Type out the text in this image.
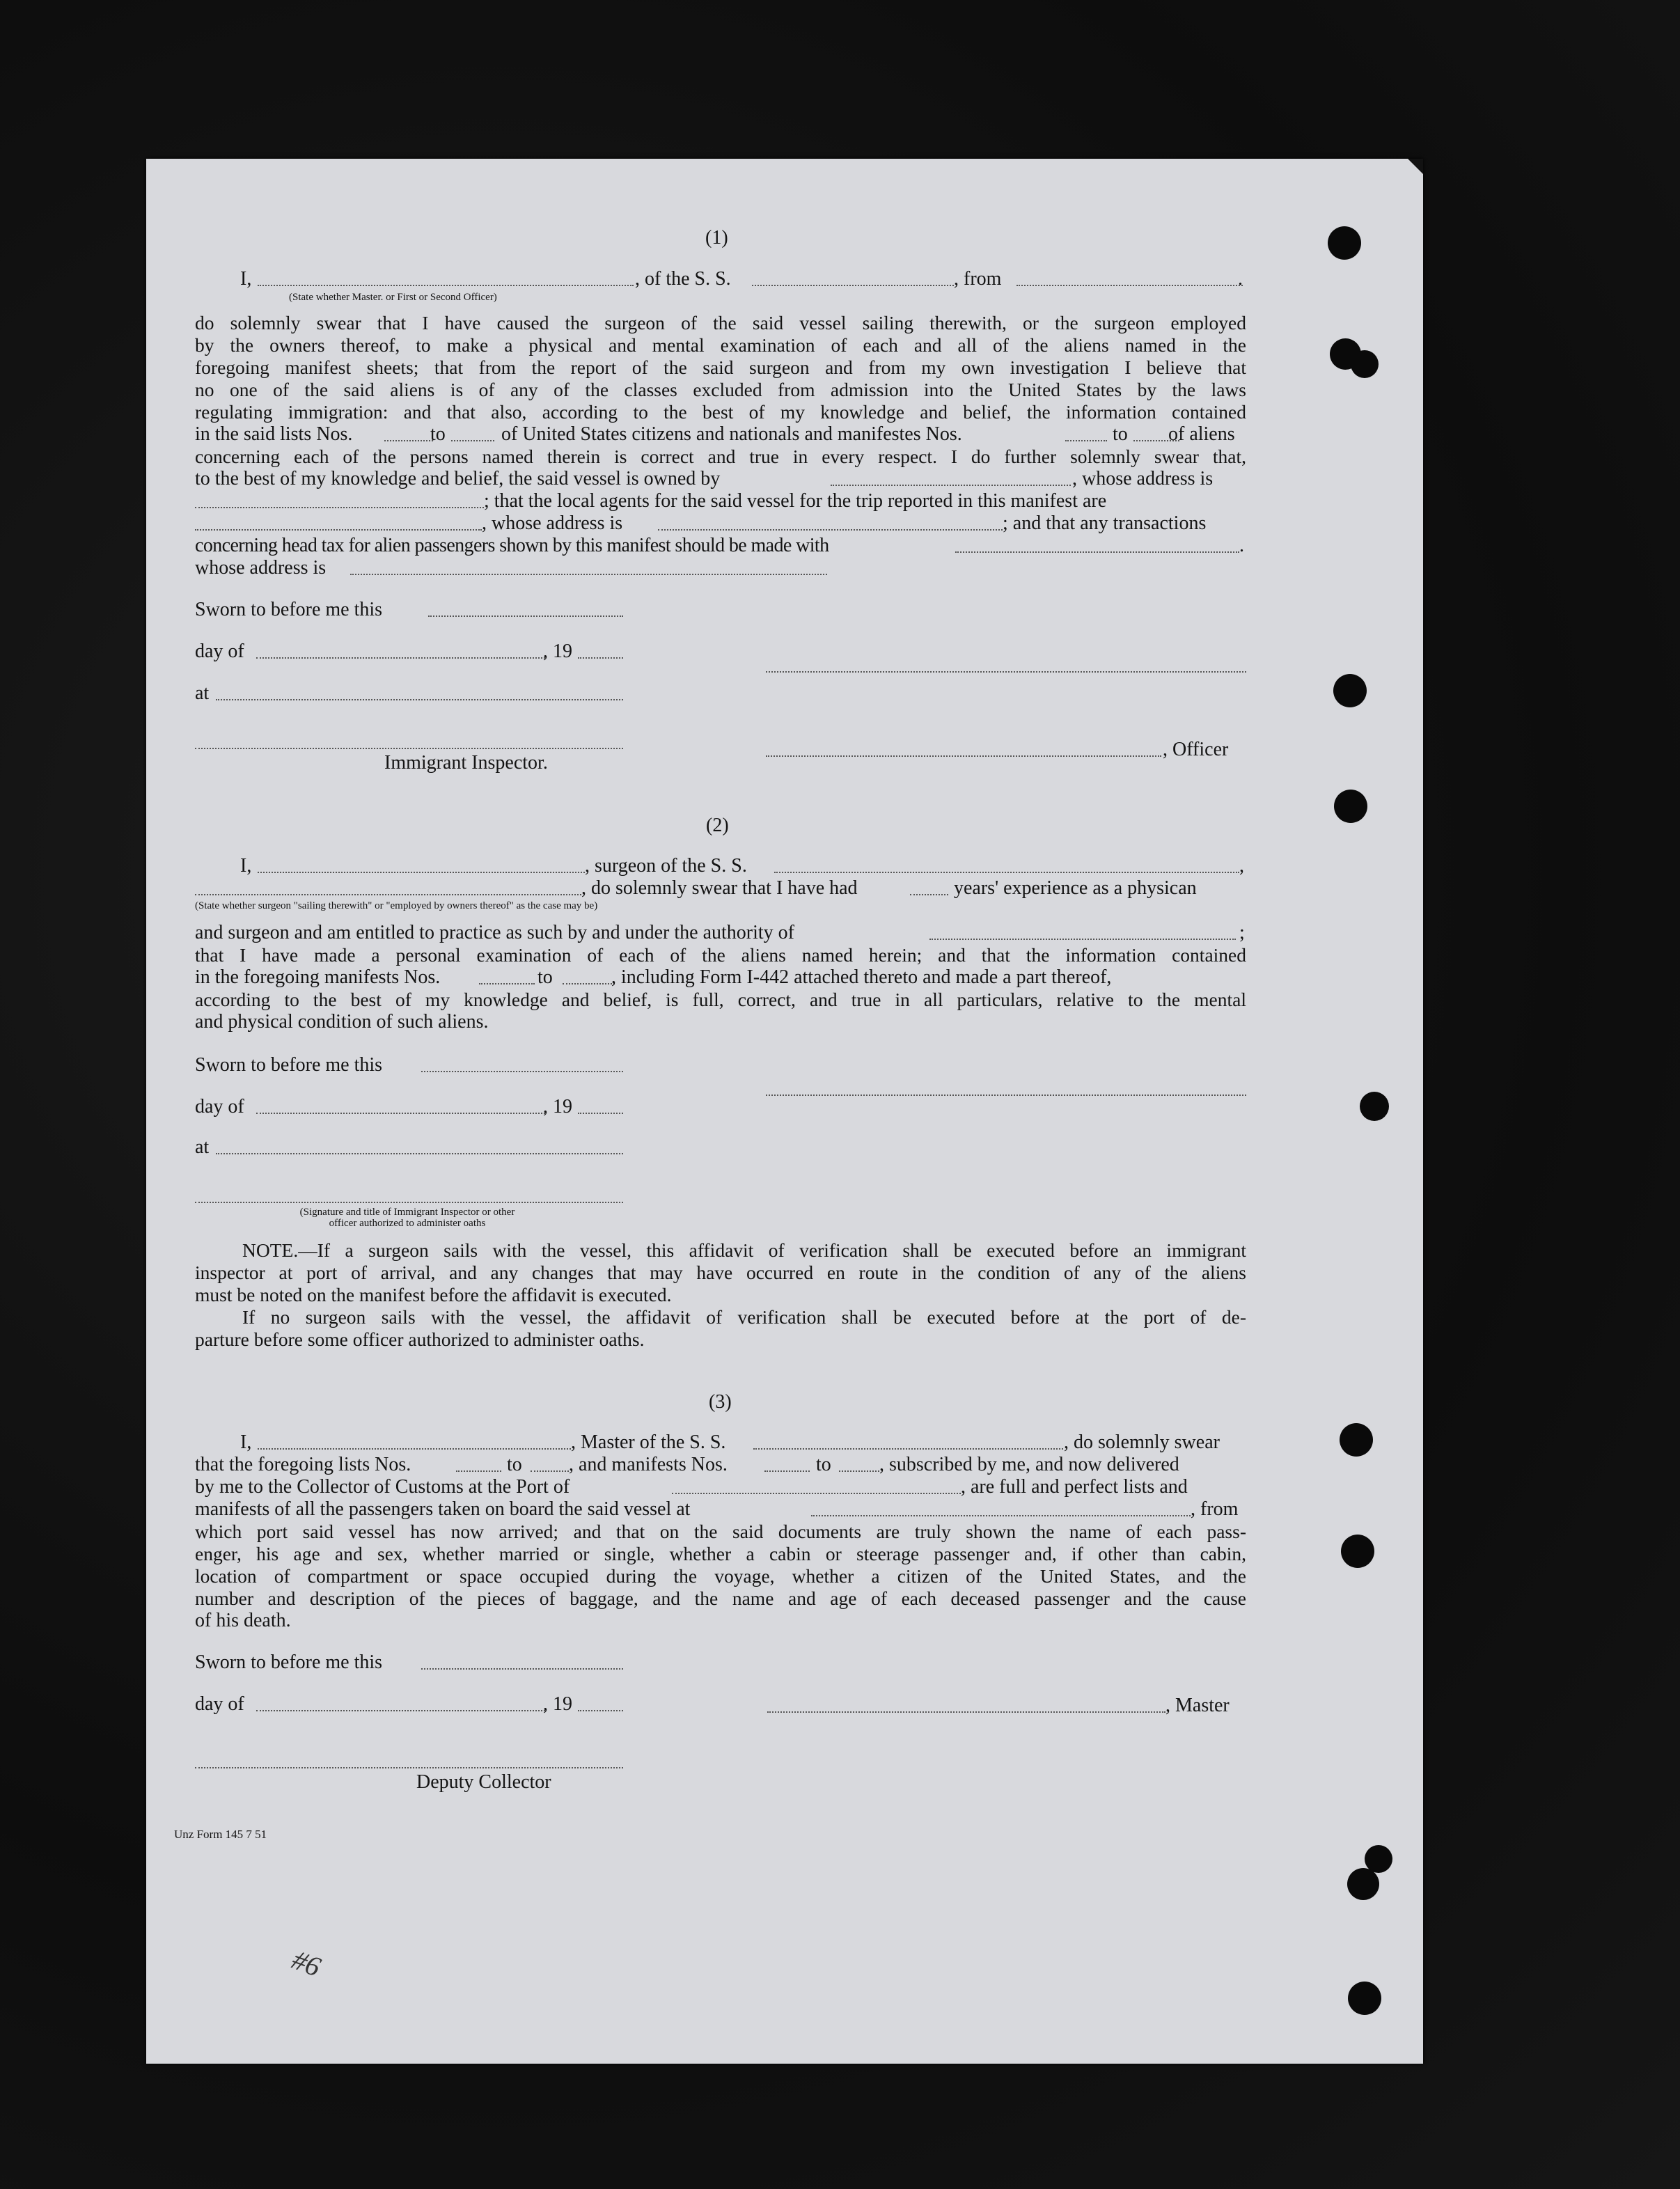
(1)
I,	, of the S. S.	, from	.
(State whether Master. or First or Second Officer)
do solemnly swear that I have caused the surgeon of the said vessel sailing therewith, or the surgeon employed
by the owners thereof, to make a physical and mental examination of each and all of the aliens named in the
foregoing manifest sheets; that from the report of the said surgeon and from my own investigation I believe that
no one of the said aliens is of any of the classes excluded from admission into the United States by the laws
regulating immigration: and that also, according to the best of my knowledge and belief, the information contained
in the said lists Nos.	to	of United States citizens and nationals and manifestes Nos.	to of aliens
concerning each of the persons named therein is correct and true in every respect. I do further solemnly swear that,
to the best of my knowledge and belief, the said vessel is owned by	, whose address is
; that the local agents for the said vessel for the trip reported in this manifest are
, whose address is	; and that any transactions
concerning head tax for alien passengers shown by this manifest should be made with	.
whose address is
Sworn to before me this
day of	, 19
at
, Officer
Immigrant Inspector.
(2)
I,	, surgeon of the S. S.	,
, do solemnly swear that I have had	years' experience as a physican
(State whether surgeon "sailing therewith" or "employed by owners thereof" as the case may be)
and surgeon and am entitled to practice as such by and under the authority of	;
that I have made a personal examination of each of the aliens named herein; and that the information contained
in the foregoing manifests Nos.	to	, including Form I-442 attached thereto and made a part thereof,
according to the best of my knowledge and belief, is full, correct, and true in all particulars, relative to the mental
and physical condition of such aliens.
Sworn to before me this
day of	, 19
at
(Signature and title of Immigrant Inspector or other
officer authorized to administer oaths
NOTE.—If a surgeon sails with the vessel, this affidavit of verification shall be executed before an immigrant
inspector at port of arrival, and any changes that may have occurred en route in the condition of any of the aliens
must be noted on the manifest before the affidavit is executed.
If no surgeon sails with the vessel, the affidavit of verification shall be executed before at the port of de-
parture before some officer authorized to administer oaths.
(3)
I,	, Master of the S. S.	, do solemnly swear
that the foregoing lists Nos.	to , and manifests Nos.	to , subscribed by me, and now delivered
by me to the Collector of Customs at the Port of	, are full and perfect lists and
manifests of all the passengers taken on board the said vessel at	, from
which port said vessel has now arrived; and that on the said documents are truly shown the name of each pass-
enger, his age and sex, whether married or single, whether a cabin or steerage passenger and, if other than cabin,
location of compartment or space occupied during the voyage, whether a citizen of the United States, and the
number and description of the pieces of baggage, and the name and age of each deceased passenger and the cause
of his death.
Sworn to before me this
day of	, 19	, Master
Deputy Collector
Unz Form 145 7 51
#6
